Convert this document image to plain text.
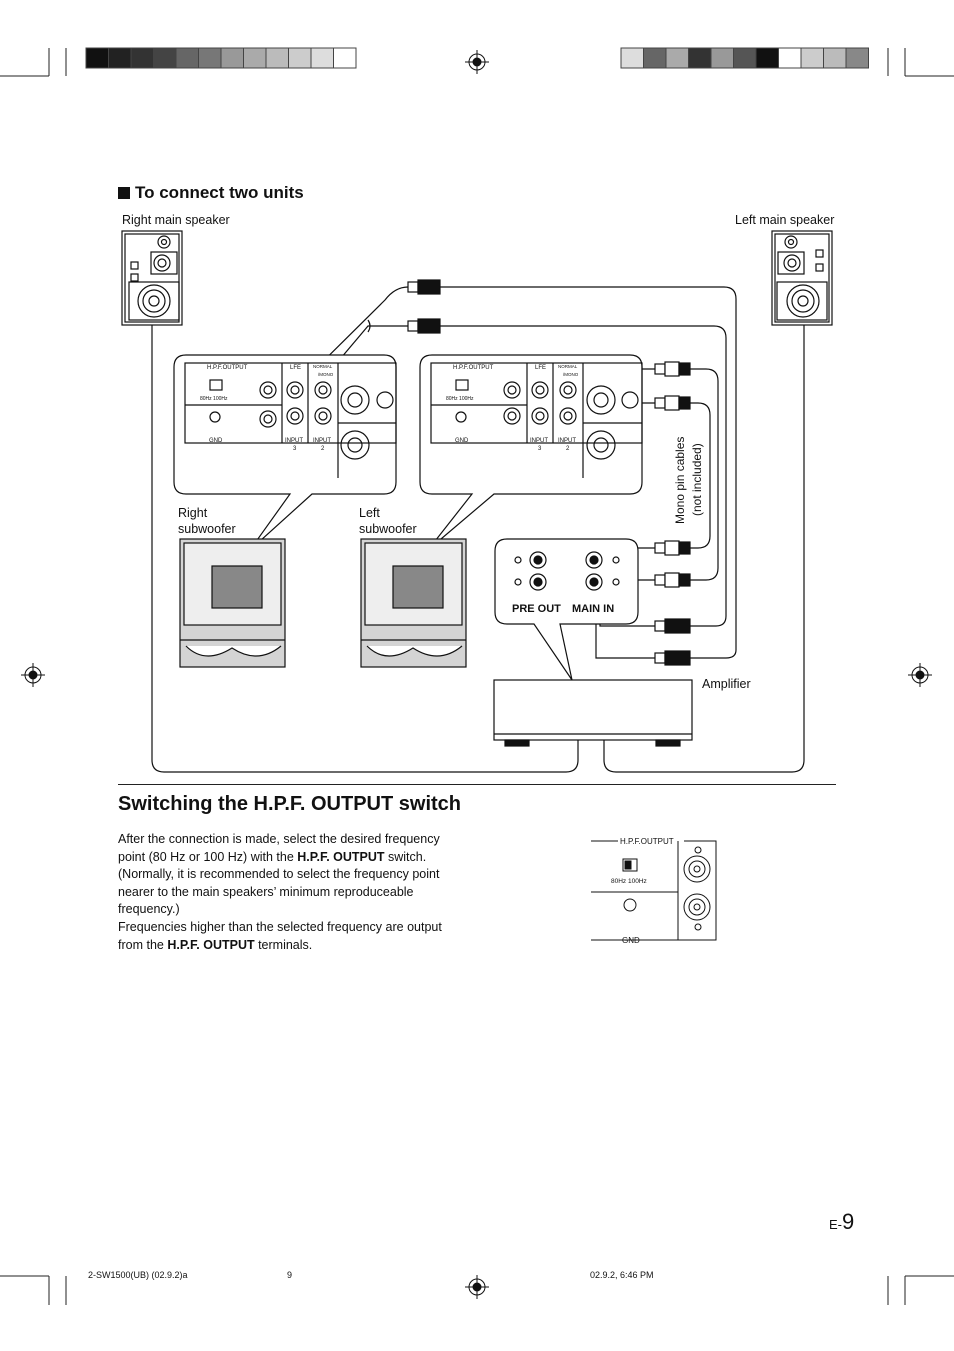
To connect two units
Right main speaker	Left main speaker
H.P.F.OUTPUT	LFE	NORMAL
/MONO
80Hz 100Hz
GND	INPUT
3
INPUT
2
H.P.F.OUTPUT	LFE	NORMAL
/MONO
80Hz 100Hz
GND	INPUT
3
INPUT
2
PRE OUT MAIN IN
Mono pin cables (not included)
Right
subwoofer
Left
subwoofer
Amplifier
Switching the H.P.F. OUTPUT switch

After the connection is made, select the desired frequency point (80 Hz or 100 Hz) with the H.P.F. OUTPUT switch. (Normally, it is recommended to select the frequency point nearer to the main speakers’ minimum reproduceable frequency.)

Frequencies higher than the selected frequency are output from the H.P.F. OUTPUT terminals.

H.P.F.OUTPUT
80Hz 100Hz
GND
E-9
2-SW1500(UB) (02.9.2)a	9	02.9.2, 6:46 PM
